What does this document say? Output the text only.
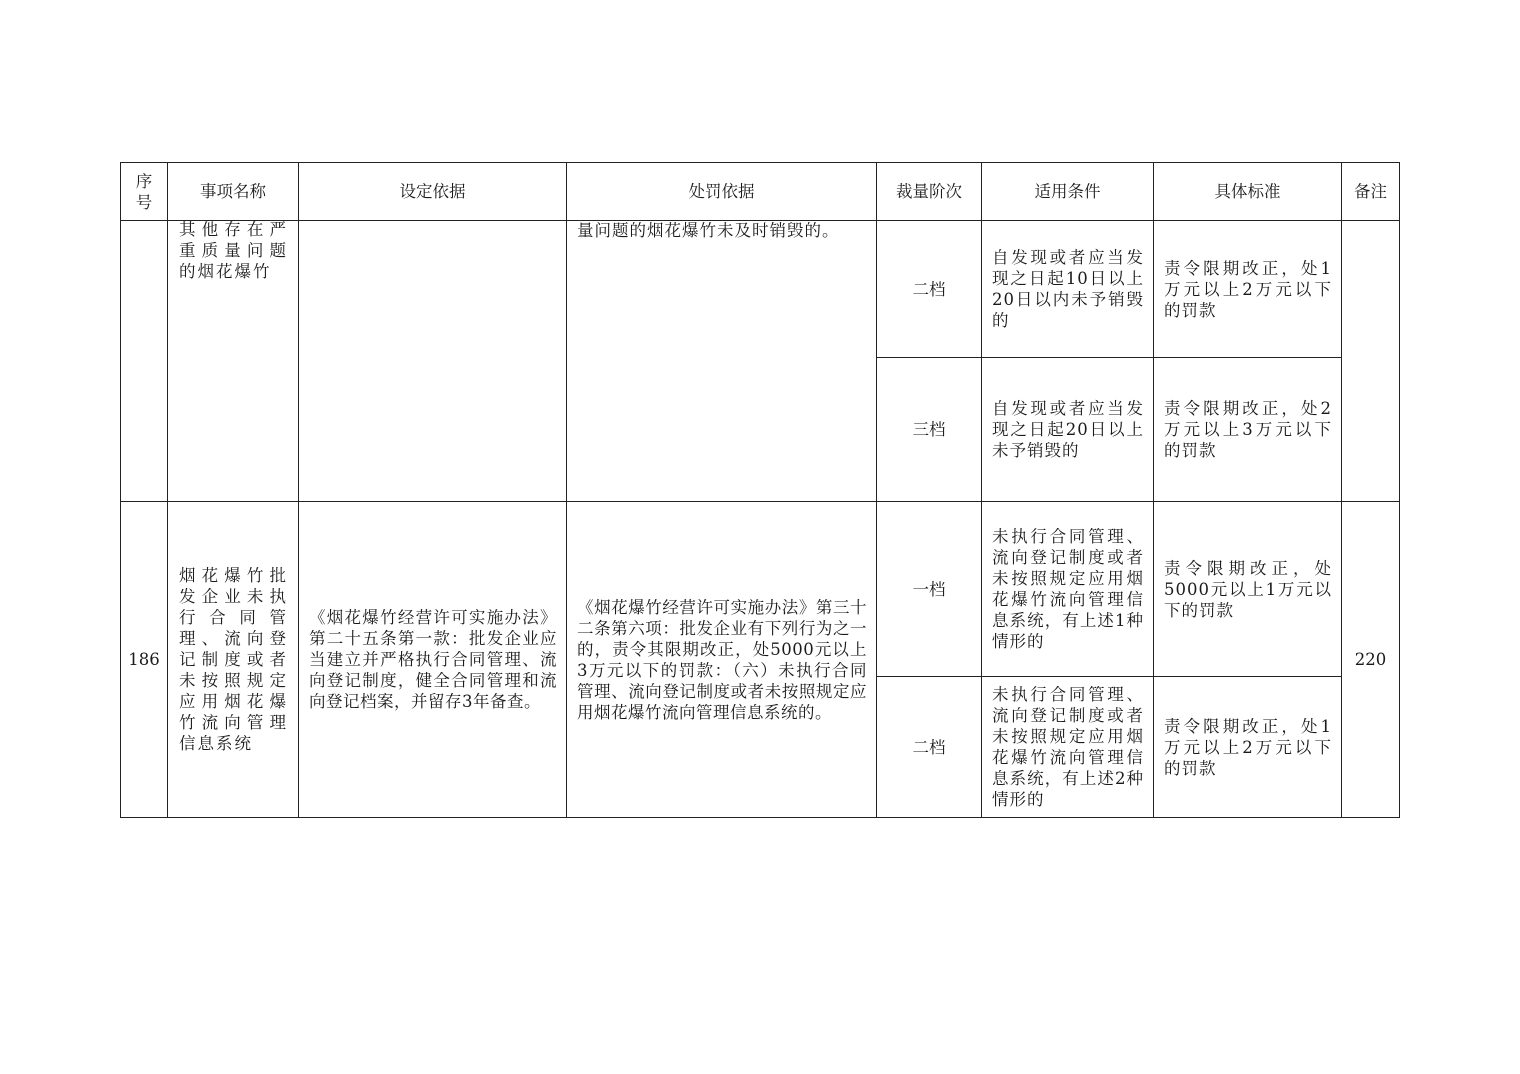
序号	事项名称	设定依据	处罚依据	裁量阶次	适用条件	具体标准	备注

	其他存在严重质量问题的烟花爆竹		量问题的烟花爆竹未及时销毁的。	二档	自发现或者应当发现之日起10日以上20日以内未予销毁的	责令限期改正，处1万元以上2万元以下的罚款	

				三档	自发现或者应当发现之日起20日以上未予销毁的	责令限期改正，处2万元以上3万元以下的罚款	

186	烟花爆竹批发企业未执行合同管理、流向登记制度或者未按照规定应用烟花爆竹流向管理信息系统	《烟花爆竹经营许可实施办法》第二十五条第一款：批发企业应当建立并严格执行合同管理、流向登记制度，健全合同管理和流向登记档案，并留存3年备查。	《烟花爆竹经营许可实施办法》第三十二条第六项：批发企业有下列行为之一的，责令其限期改正，处5000元以上3万元以下的罚款：（六）未执行合同管理、流向登记制度或者未按照规定应用烟花爆竹流向管理信息系统的。	一档	未执行合同管理、流向登记制度或者未按照规定应用烟花爆竹流向管理信息系统，有上述1种情形的	责令限期改正，处5000元以上1万元以下的罚款	220
				二档	未执行合同管理、流向登记制度或者未按照规定应用烟花爆竹流向管理信息系统，有上述2种情形的	责令限期改正，处1万元以上2万元以下的罚款	
